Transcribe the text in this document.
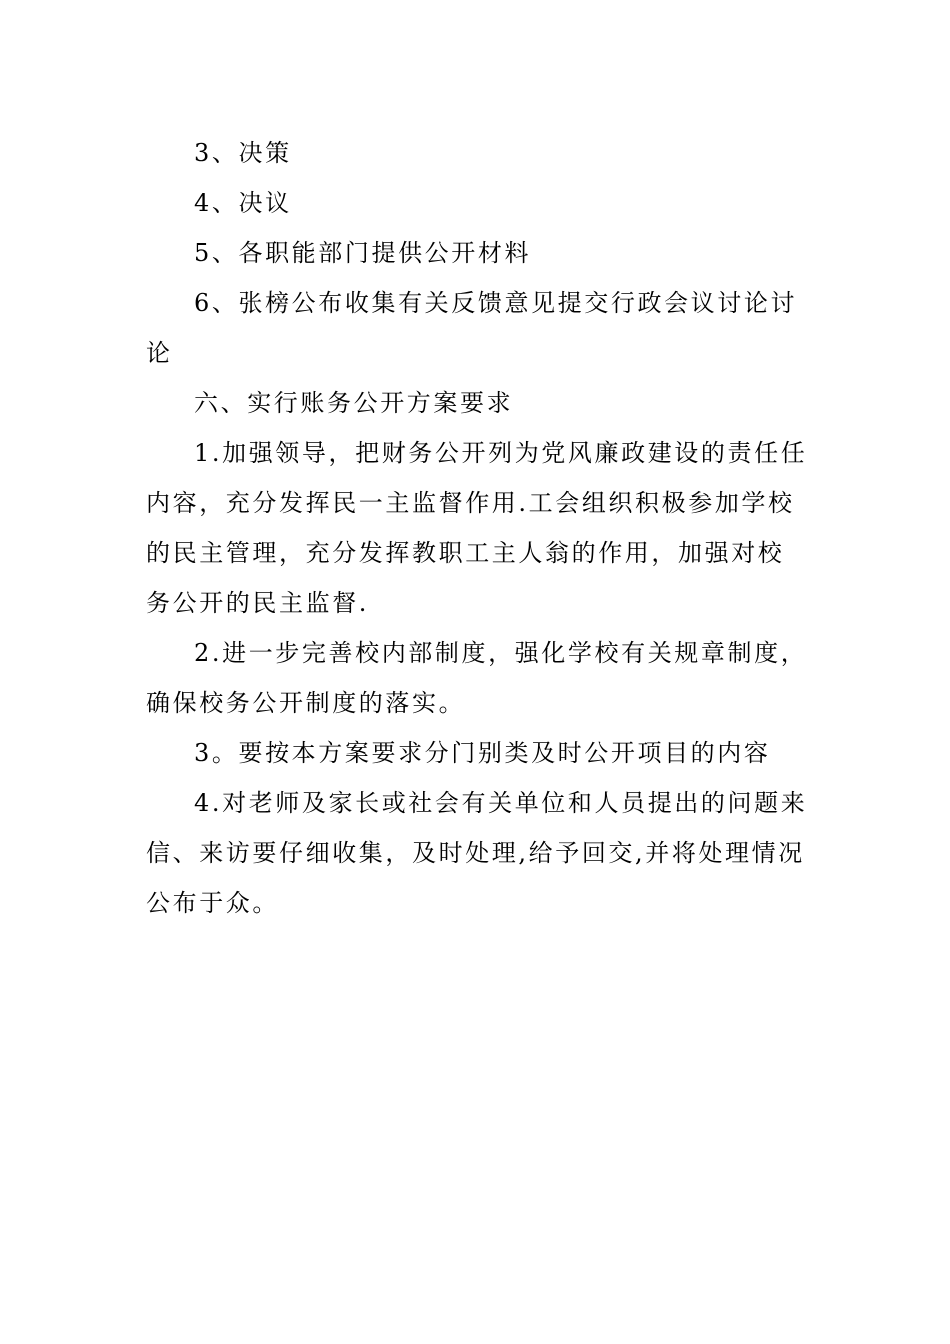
3、决策

4、决议

5、各职能部门提供公开材料

6、张榜公布收集有关反馈意见提交行政会议讨论讨论

六、实行账务公开方案要求

1.加强领导，把财务公开列为党风廉政建设的责任任内容，充分发挥民一主监督作用.工会组织积极参加学校的民主管理，充分发挥教职工主人翁的作用，加强对校务公开的民主监督.

2.进一步完善校内部制度，强化学校有关规章制度，确保校务公开制度的落实。

3。要按本方案要求分门别类及时公开项目的内容

4.对老师及家长或社会有关单位和人员提出的问题来信、来访要仔细收集，及时处理,给予回交,并将处理情况公布于众。
